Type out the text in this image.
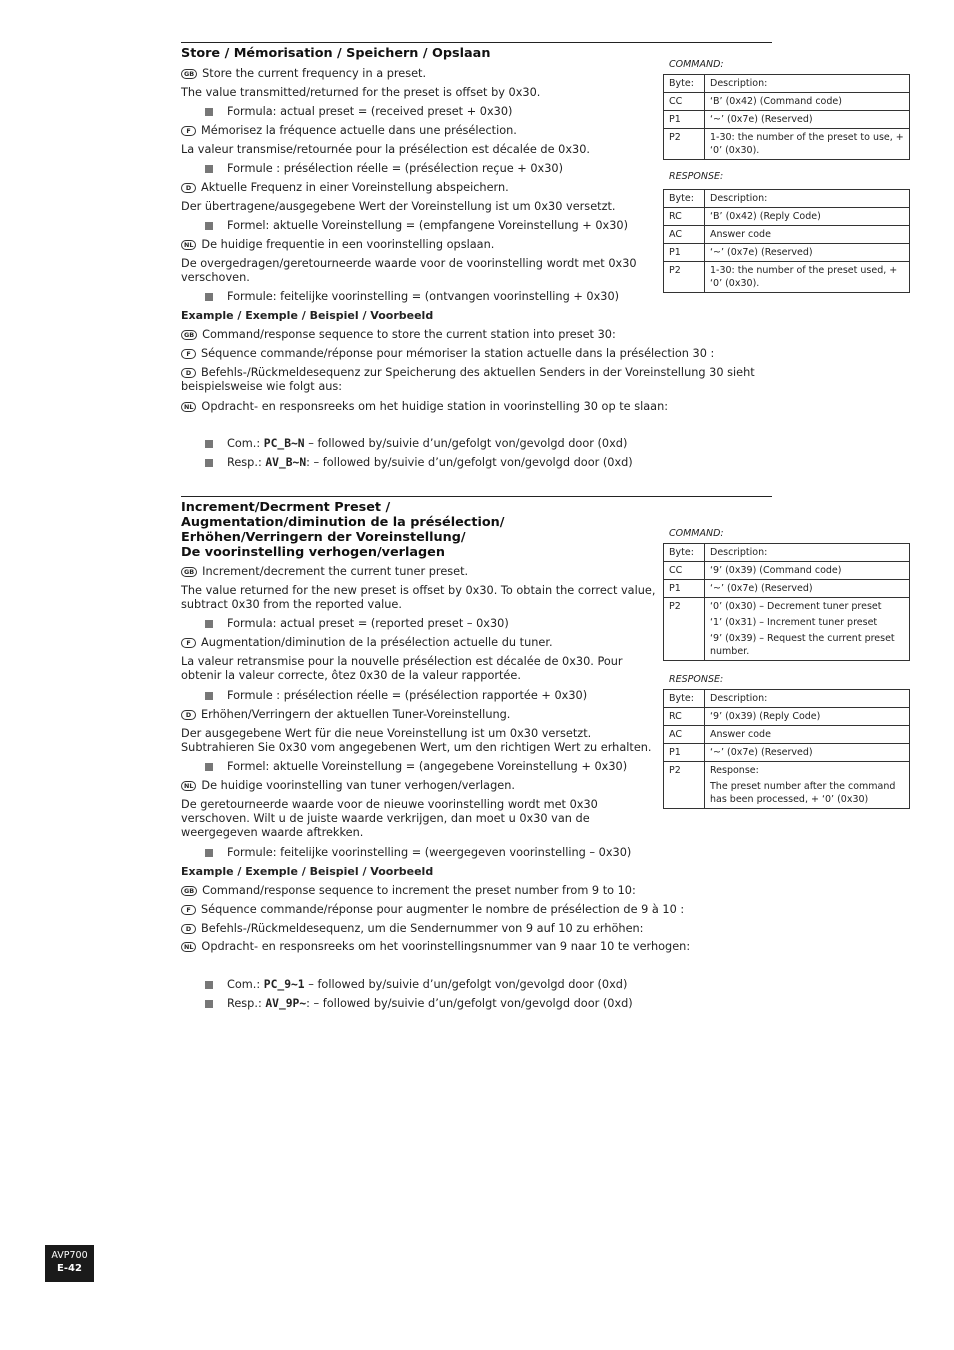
Store / Mémorisation / Speichern / Opslaan
GB Store the current frequency in a preset.
The value transmitted/returned for the preset is offset by 0x30.
Formula: actual preset = (received preset + 0x30)
F Mémorisez la fréquence actuelle dans une présélection.
La valeur transmise/retournée pour la présélection est décalée de 0x30.
Formule : présélection réelle = (présélection reçue + 0x30)
D Aktuelle Frequenz in einer Voreinstellung abspeichern.
Der übertragene/ausgegebene Wert der Voreinstellung ist um 0x30 versetzt.
Formel: aktuelle Voreinstellung = (empfangene Voreinstellung + 0x30)
NL De huidige frequentie in een voorinstelling opslaan.
De overgedragen/geretourneerde waarde voor de voorinstelling wordt met 0x30 verschoven.
Formule: feitelijke voorinstelling = (ontvangen voorinstelling + 0x30)
Example / Exemple / Beispiel / Voorbeeld
GB Command/response sequence to store the current station into preset 30:
F Séquence commande/réponse pour mémoriser la station actuelle dans la présélection 30 :
D Befehls-/Rückmeldesequenz zur Speicherung des aktuellen Senders in der Voreinstellung 30 sieht beispielsweise wie folgt aus:
NL Opdracht- en responsreeks om het huidige station in voorinstelling 30 op te slaan:
Com.: PC_B~N – followed by/suivie d’un/gefolgt von/gevolgd door (0xd)
Resp.: AV_B~N: – followed by/suivie d’un/gefolgt von/gevolgd door (0xd)
COMMAND:
Byte:	Description:
CC	‘B’ (0x42) (Command code)
P1	‘~’ (0x7e) (Reserved)
P2	1-30: the number of the preset to use, + ‘0’ (0x30).
RESPONSE:
Byte:	Description:
RC	‘B’ (0x42) (Reply Code)
AC	Answer code
P1	‘~’ (0x7e) (Reserved)
P2	1-30: the number of the preset used, + ‘0’ (0x30).
Increment/Decrment Preset /
Augmentation/diminution de la présélection/
Erhöhen/Verringern der Voreinstellung/
De voorinstelling verhogen/verlagen
GB Increment/decrement the current tuner preset.
The value returned for the new preset is offset by 0x30. To obtain the correct value, subtract 0x30 from the reported value.
Formula: actual preset = (reported preset – 0x30)
F Augmentation/diminution de la présélection actuelle du tuner.
La valeur retransmise pour la nouvelle présélection est décalée de 0x30. Pour obtenir la valeur correcte, ôtez 0x30 de la valeur rapportée.
Formule : présélection réelle = (présélection rapportée + 0x30)
D Erhöhen/Verringern der aktuellen Tuner-Voreinstellung.
Der ausgegebene Wert für die neue Voreinstellung ist um 0x30 versetzt. Subtrahieren Sie 0x30 vom angegebenen Wert, um den richtigen Wert zu erhalten.
Formel: aktuelle Voreinstellung = (angegebene Voreinstellung + 0x30)
NL De huidige voorinstelling van tuner verhogen/verlagen.
De geretourneerde waarde voor de nieuwe voorinstelling wordt met 0x30 verschoven. Wilt u de juiste waarde verkrijgen, dan moet u 0x30 van de weergegeven waarde aftrekken.
Formule: feitelijke voorinstelling = (weergegeven voorinstelling – 0x30)
Example / Exemple / Beispiel / Voorbeeld
GB Command/response sequence to increment the preset number from 9 to 10:
F Séquence commande/réponse pour augmenter le nombre de présélection de 9 à 10 :
D Befehls-/Rückmeldesequenz, um die Sendernummer von 9 auf 10 zu erhöhen:
NL Opdracht- en responsreeks om het voorinstellingsnummer van 9 naar 10 te verhogen:
Com.: PC_9~1 – followed by/suivie d’un/gefolgt von/gevolgd door (0xd)
Resp.: AV_9P~: – followed by/suivie d’un/gefolgt von/gevolgd door (0xd)
COMMAND:
Byte:	Description:
CC	‘9’ (0x39) (Command code)
P1	‘~’ (0x7e) (Reserved)
P2	‘0’ (0x30) – Decrement tuner preset
‘1’ (0x31) – Increment tuner preset
‘9’ (0x39) – Request the current preset number.
RESPONSE:
Byte:	Description:
RC	‘9’ (0x39) (Reply Code)
AC	Answer code
P1	‘~’ (0x7e) (Reserved)
P2	Response:
The preset number after the command has been processed, + ‘0’ (0x30)
AVP700
E-42
